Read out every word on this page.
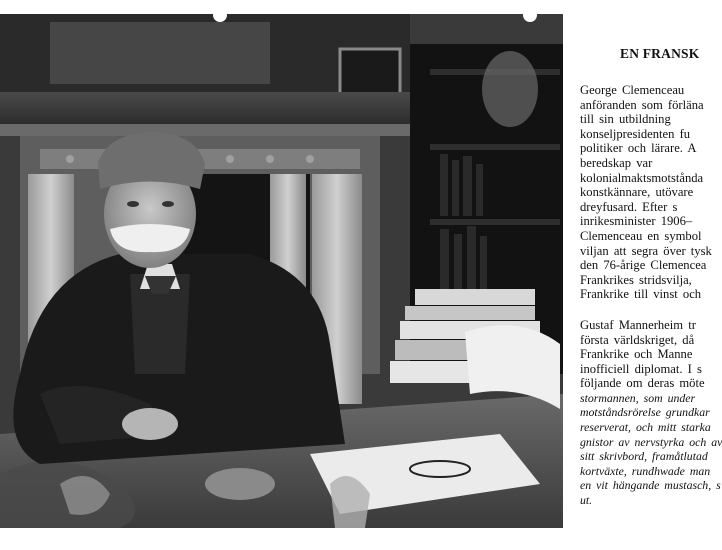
EN FRANSK
George Clemenceau
anföranden som förläna
till sin utbildning
konseljpresidenten fu
politiker och lärare. A
beredskap var
kolonialmaktsmotstånda
konstkännare, utövare
dreyfusard. Efter s
inrikesminister 1906–
Clemenceau en symbol
viljan att segra över tysk
den 76-årige Clemencea
Frankrikes stridsvilja,
Frankrike till vinst och
Gustaf Mannerheim tr
första världskriget, då
Frankrike och Manne
inofficiell diplomat. I s
följande om deras möte
stormannen, som under
motståndsrörelse grundkar
reserverat, och mitt starka
gnistor av nervstyrka och av
sitt skrivbord, framåtlutad
kortväxte, rundhwade man
en vit hängande mustasch, s
ut.
